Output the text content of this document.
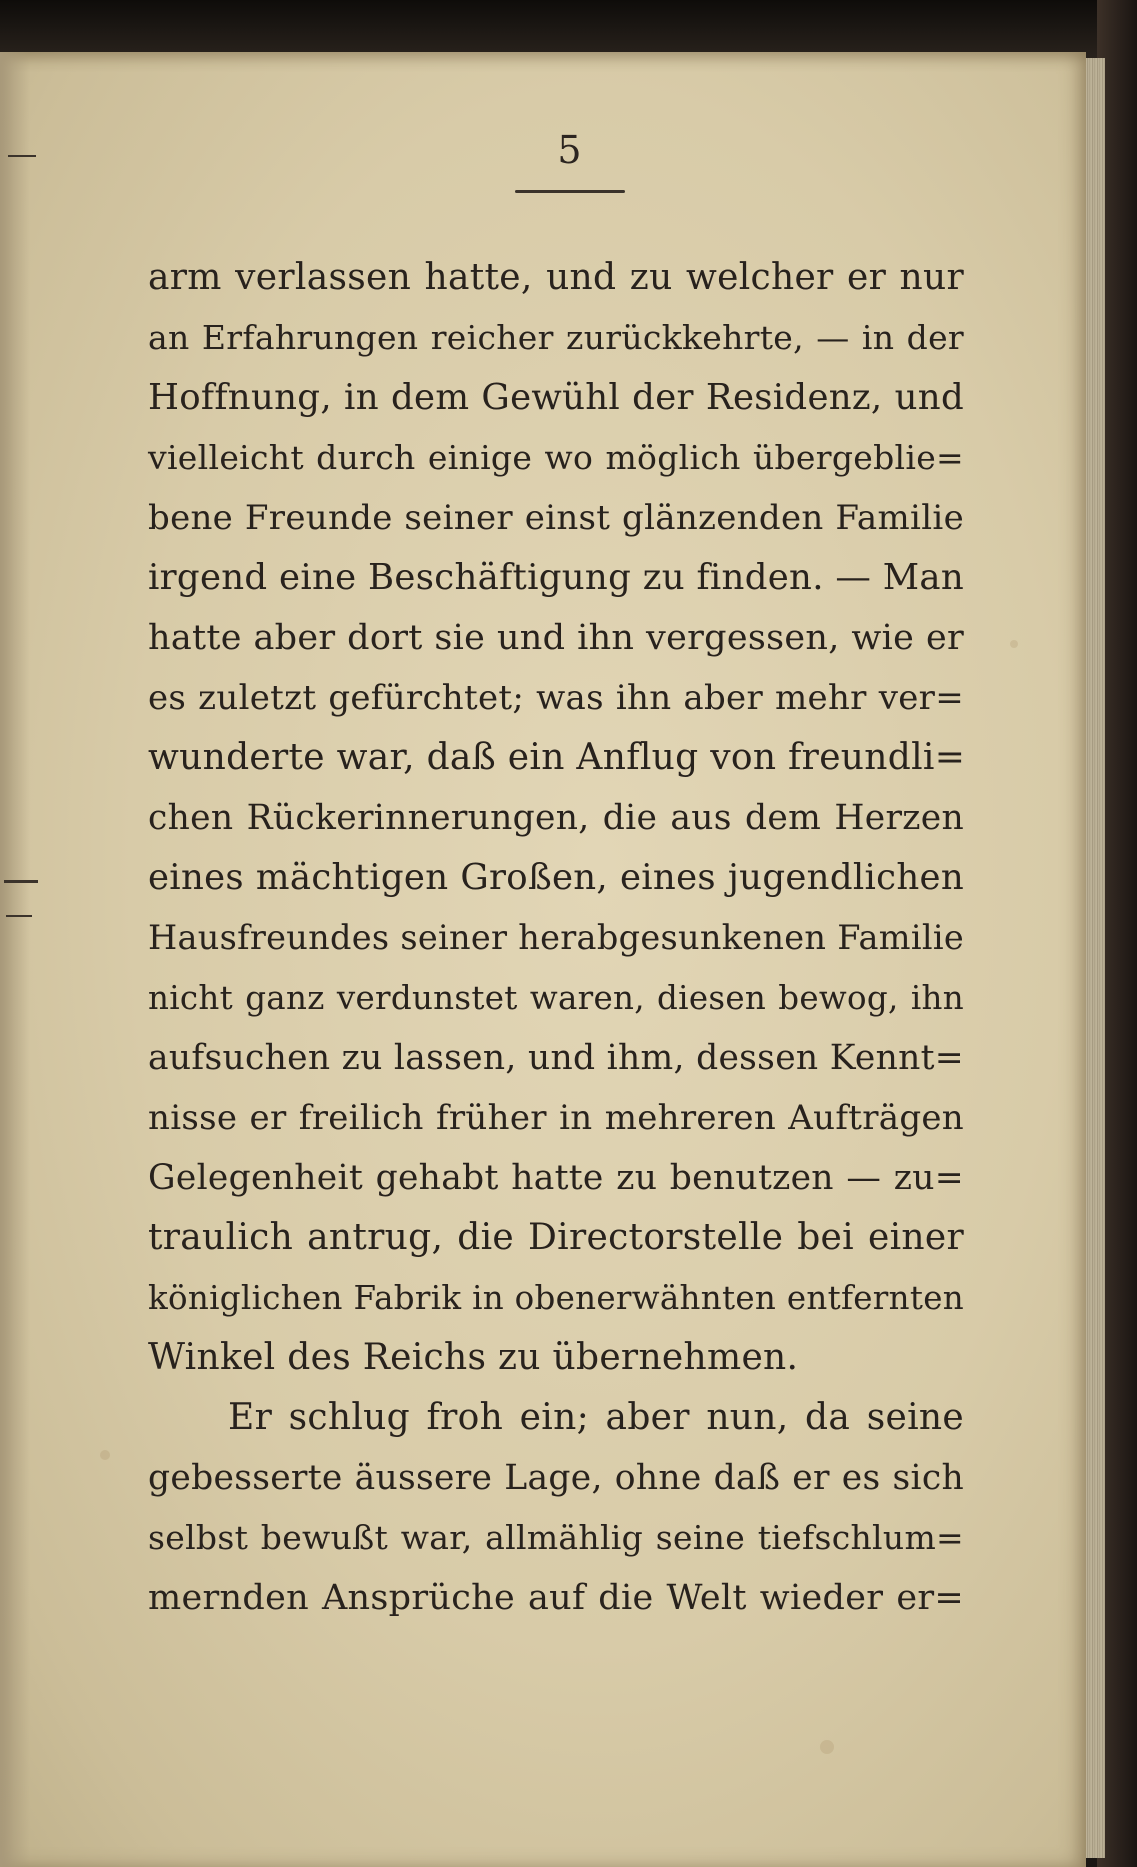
5
arm verlassen hatte, und zu welcher er nur
an Erfahrungen reicher zurückkehrte, — in der
Hoffnung, in dem Gewühl der Residenz, und
vielleicht durch einige wo möglich übergeblie=
bene Freunde seiner einst glänzenden Familie
irgend eine Beschäftigung zu finden. — Man
hatte aber dort sie und ihn vergessen, wie er
es zuletzt gefürchtet; was ihn aber mehr ver=
wunderte war, daß ein Anflug von freundli=
chen Rückerinnerungen, die aus dem Herzen
eines mächtigen Großen, eines jugendlichen
Hausfreundes seiner herabgesunkenen Familie
nicht ganz verdunstet waren, diesen bewog, ihn
aufsuchen zu lassen, und ihm, dessen Kennt=
nisse er freilich früher in mehreren Aufträgen
Gelegenheit gehabt hatte zu benutzen — zu=
traulich antrug, die Directorstelle bei einer
königlichen Fabrik in obenerwähnten entfernten
Winkel des Reichs zu übernehmen.
Er schlug froh ein; aber nun, da seine
gebesserte äussere Lage, ohne daß er es sich
selbst bewußt war, allmählig seine tiefschlum=
mernden Ansprüche auf die Welt wieder er=
